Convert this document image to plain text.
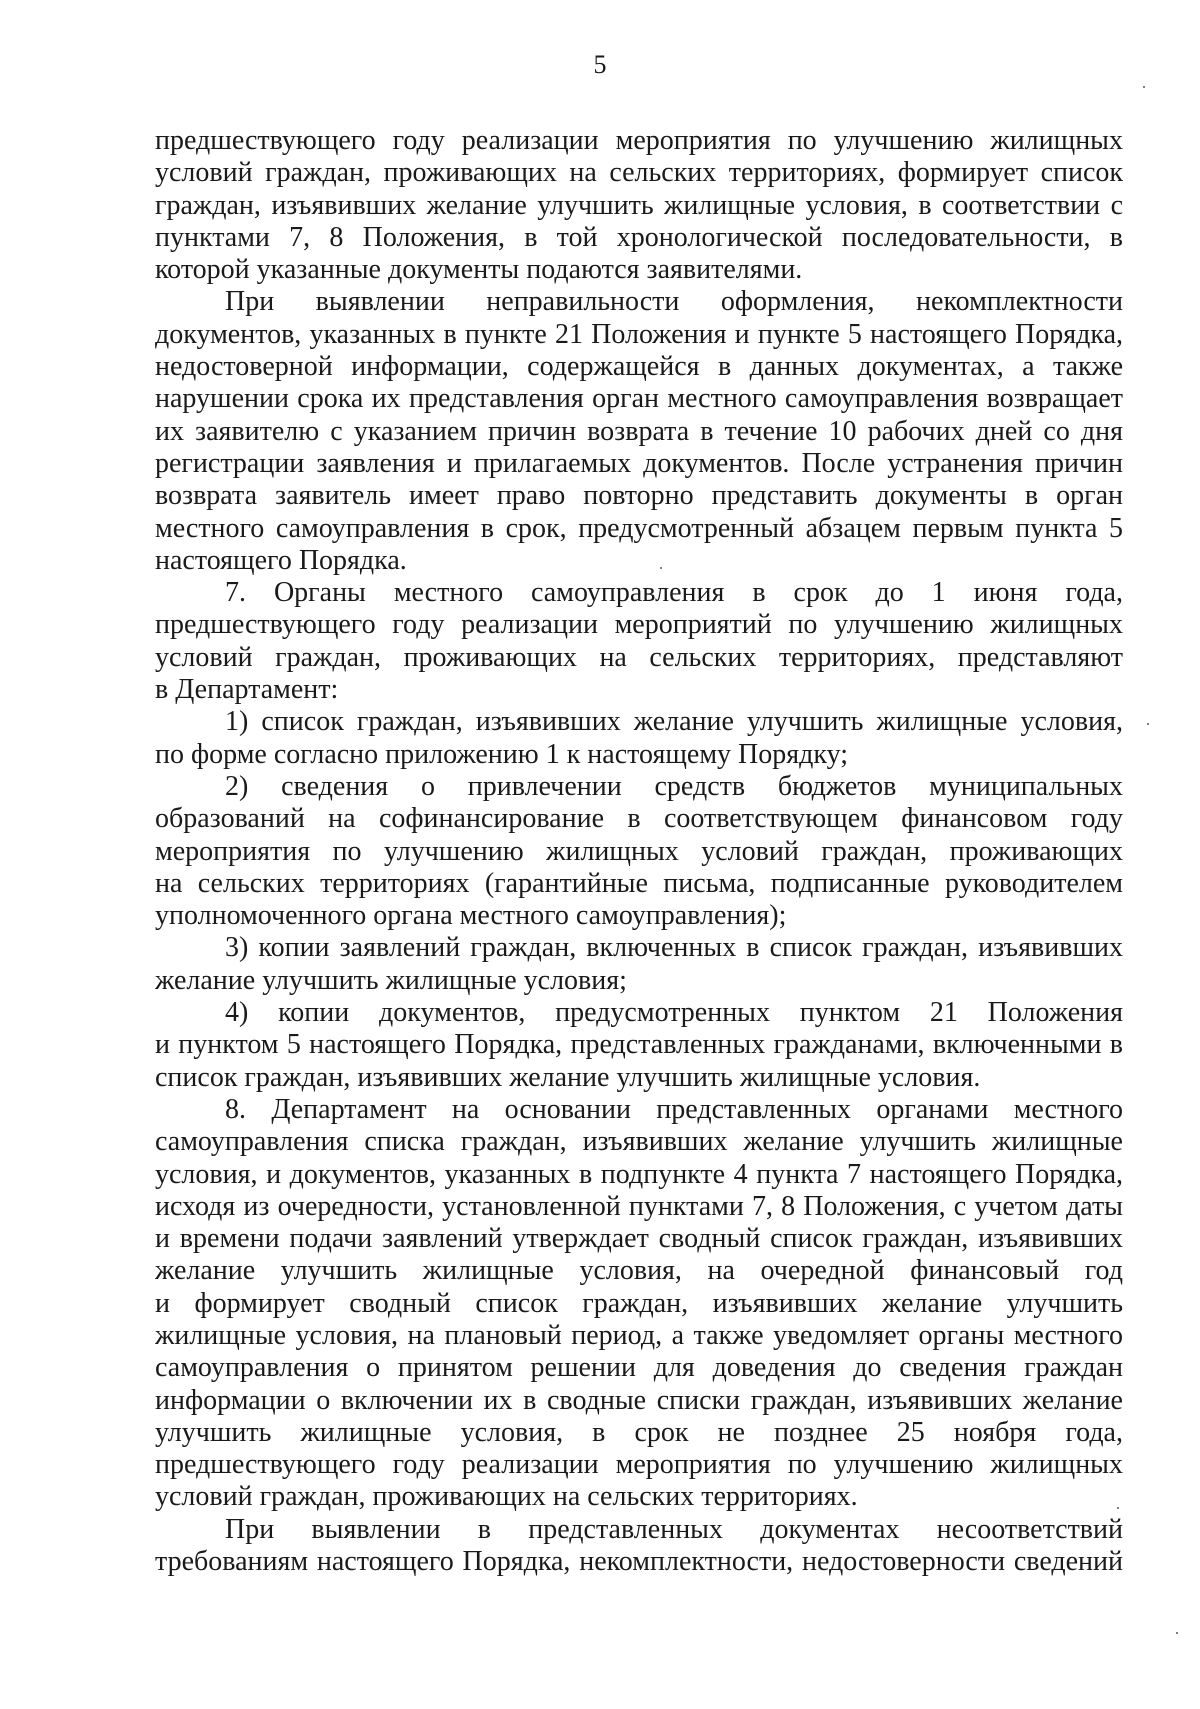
5
предшествующего году реализации мероприятия по улучшению жилищных
условий граждан, проживающих на сельских территориях, формирует список
граждан, изъявивших желание улучшить жилищные условия, в соответствии с
пунктами 7, 8 Положения, в той хронологической последовательности, в
которой указанные документы подаются заявителями.
При выявлении неправильности оформления, некомплектности
документов, указанных в пункте 21 Положения и пункте 5 настоящего Порядка,
недостоверной информации, содержащейся в данных документах, а также
нарушении срока их представления орган местного самоуправления возвращает
их заявителю с указанием причин возврата в течение 10 рабочих дней со дня
регистрации заявления и прилагаемых документов. После устранения причин
возврата заявитель имеет право повторно представить документы в орган
местного самоуправления в срок, предусмотренный абзацем первым пункта 5
настоящего Порядка.
7. Органы местного самоуправления в срок до 1 июня года,
предшествующего году реализации мероприятий по улучшению жилищных
условий граждан, проживающих на сельских территориях, представляют
в Департамент:
1) список граждан, изъявивших желание улучшить жилищные условия,
по форме согласно приложению 1 к настоящему Порядку;
2) сведения о привлечении средств бюджетов муниципальных
образований на софинансирование в соответствующем финансовом году
мероприятия по улучшению жилищных условий граждан, проживающих
на сельских территориях (гарантийные письма, подписанные руководителем
уполномоченного органа местного самоуправления);
3) копии заявлений граждан, включенных в список граждан, изъявивших
желание улучшить жилищные условия;
4) копии документов, предусмотренных пунктом 21 Положения
и пунктом 5 настоящего Порядка, представленных гражданами, включенными в
список граждан, изъявивших желание улучшить жилищные условия.
8. Департамент на основании представленных органами местного
самоуправления списка граждан, изъявивших желание улучшить жилищные
условия, и документов, указанных в подпункте 4 пункта 7 настоящего Порядка,
исходя из очередности, установленной пунктами 7, 8 Положения, с учетом даты
и времени подачи заявлений утверждает сводный список граждан, изъявивших
желание улучшить жилищные условия, на очередной финансовый год
и формирует сводный список граждан, изъявивших желание улучшить
жилищные условия, на плановый период, а также уведомляет органы местного
самоуправления о принятом решении для доведения до сведения граждан
информации о включении их в сводные списки граждан, изъявивших желание
улучшить жилищные условия, в срок не позднее 25 ноября года,
предшествующего году реализации мероприятия по улучшению жилищных
условий граждан, проживающих на сельских территориях.
При выявлении в представленных документах несоответствий
требованиям настоящего Порядка, некомплектности, недостоверности сведений
